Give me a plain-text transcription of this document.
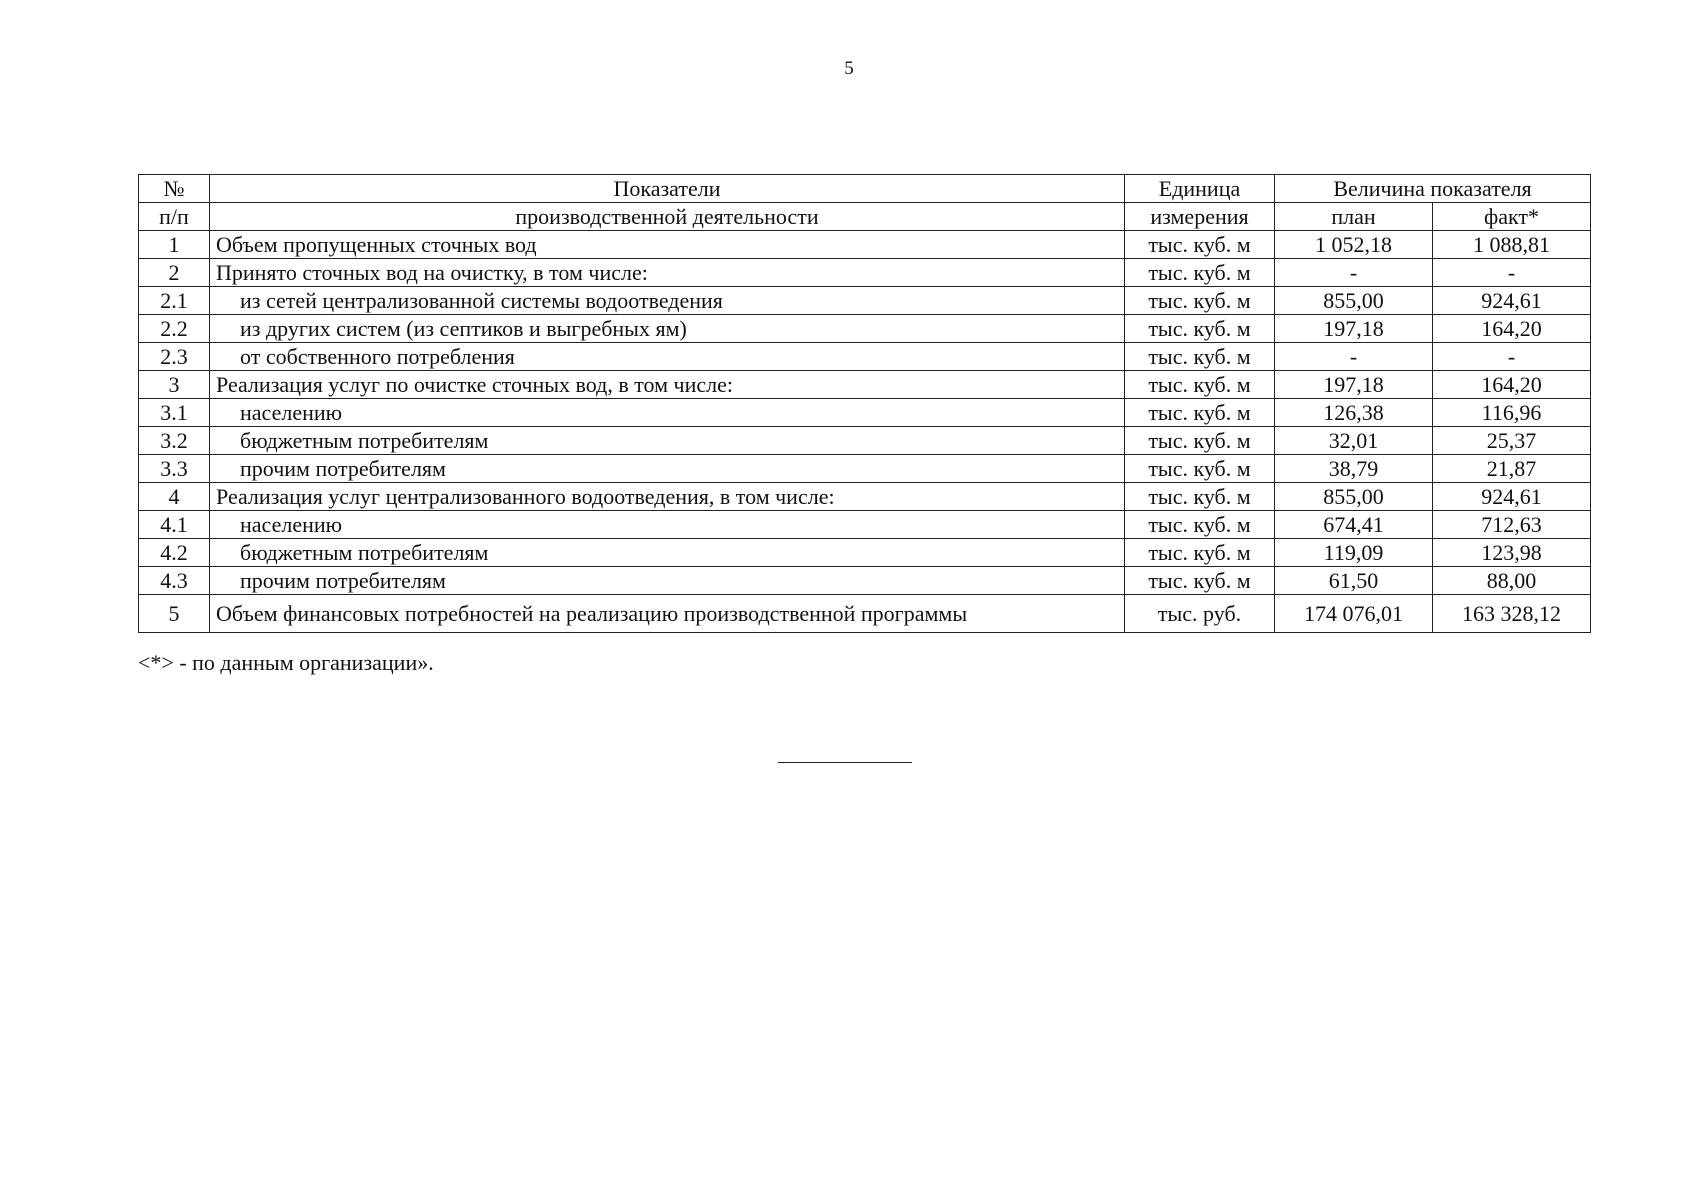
5
№	Показатели	Единица	Величина показателя	
п/п	производственной деятельности	измерения	план	факт*
1	Объем пропущенных сточных вод	тыс. куб. м	1 052,18	1 088,81
2	Принято сточных вод на очистку, в том числе:	тыс. куб. м	-	-
2.1	из сетей централизованной системы водоотведения	тыс. куб. м	855,00	924,61
2.2	из других систем (из септиков и выгребных ям)	тыс. куб. м	197,18	164,20
2.3	от собственного потребления	тыс. куб. м	-	-
3	Реализация услуг по очистке сточных вод, в том числе:	тыс. куб. м	197,18	164,20
3.1	населению	тыс. куб. м	126,38	116,96
3.2	бюджетным потребителям	тыс. куб. м	32,01	25,37
3.3	прочим потребителям	тыс. куб. м	38,79	21,87
4	Реализация услуг централизованного водоотведения, в том числе:	тыс. куб. м	855,00	924,61
4.1	населению	тыс. куб. м	674,41	712,63
4.2	бюджетным потребителям	тыс. куб. м	119,09	123,98
4.3	прочим потребителям	тыс. куб. м	61,50	88,00
5	Объем финансовых потребностей на реализацию производственной программы	тыс. руб.	174 076,01	163 328,12
<*> - по данным организации».
